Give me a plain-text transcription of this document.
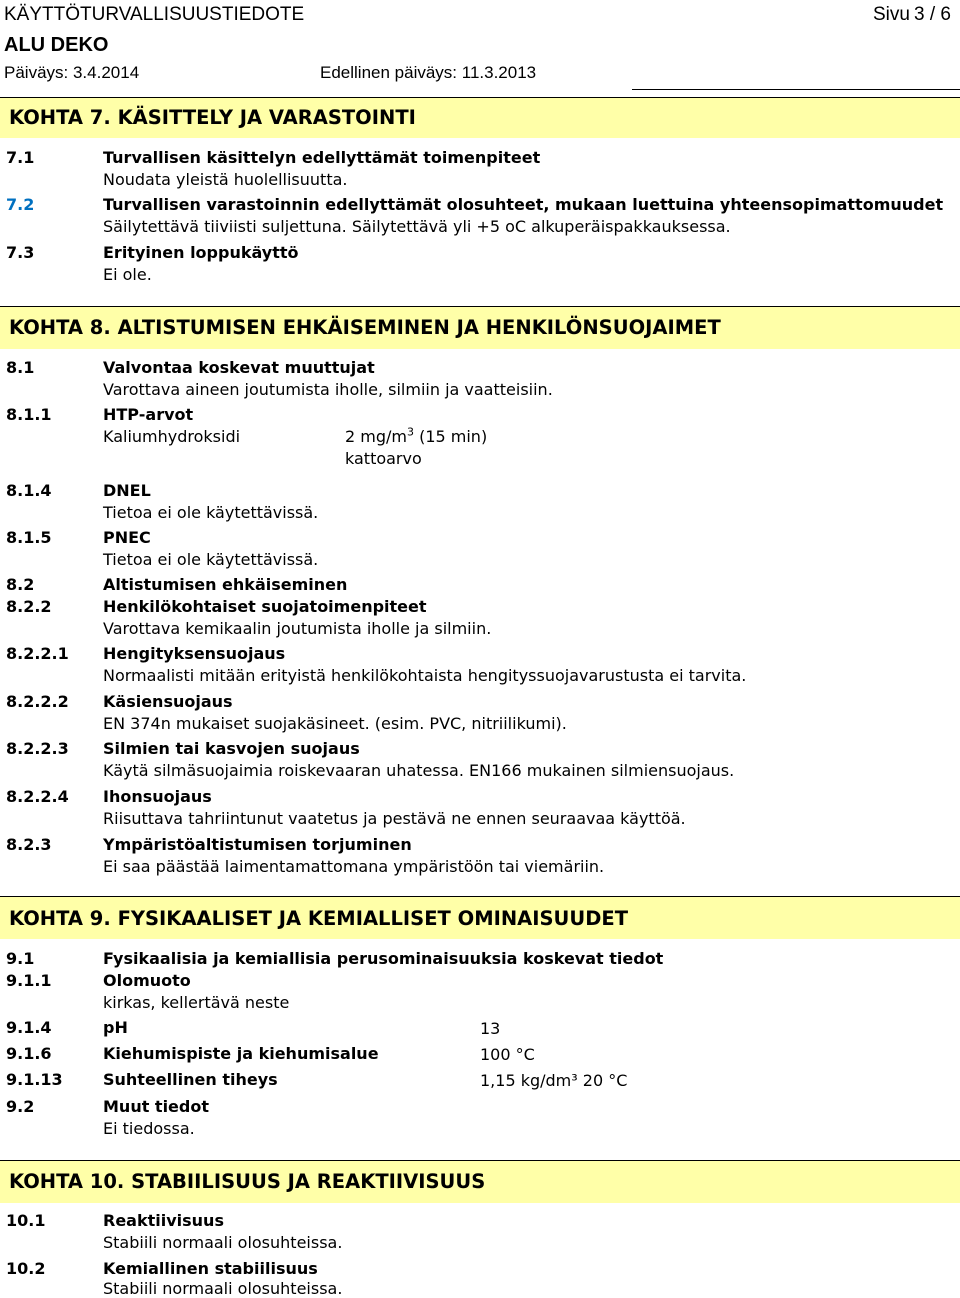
KÄYTTÖTURVALLISUUSTIEDOTE	Sivu 3 / 6
ALU DEKO
Päiväys: 3.4.2014	Edellinen päiväys: 11.3.2013
KOHTA 7. KÄSITTELY JA VARASTOINTI
7.1	Turvallisen käsittelyn edellyttämät toimenpiteet
Noudata yleistä huolellisuutta.
7.2	Turvallisen varastoinnin edellyttämät olosuhteet, mukaan luettuina yhteensopimattomuudet
Säilytettävä tiiviisti suljettuna. Säilytettävä yli +5 oC alkuperäispakkauksessa.
7.3	Erityinen loppukäyttö
Ei ole.
KOHTA 8. ALTISTUMISEN EHKÄISEMINEN JA HENKILÖNSUOJAIMET
8.1	Valvontaa koskevat muuttujat
Varottava aineen joutumista iholle, silmiin ja vaatteisiin.
8.1.1	HTP-arvot
Kaliumhydroksidi	2 $mg/m^3$ (15 min)
kattoarvo
8.1.4	DNEL
Tietoa ei ole käytettävissä.
8.1.5	PNEC
Tietoa ei ole käytettävissä.
8.2	Altistumisen ehkäiseminen
8.2.2	Henkilökohtaiset suojatoimenpiteet
Varottava kemikaalin joutumista iholle ja silmiin.
8.2.2.1 Hengityksensuojaus
Normaalisti mitään erityistä henkilökohtaista hengityssuojavarustusta ei tarvita.
8.2.2.2 Käsiensuojaus
EN 374n mukaiset suojakäsineet. (esim. PVC, nitriilikumi).
8.2.2.3 Silmien tai kasvojen suojaus
Käytä silmäsuojaimia roiskevaaran uhatessa. EN166 mukainen silmiensuojaus.
8.2.2.4 Ihonsuojaus
Riisuttava tahriintunut vaatetus ja pestävä ne ennen seuraavaa käyttöä.
8.2.3	Ympäristöaltistumisen torjuminen
Ei saa päästää laimentamattomana ympäristöön tai viemäriin.
KOHTA 9. FYSIKAALISET JA KEMIALLISET OMINAISUUDET
9.1	Fysikaalisia ja kemiallisia perusominaisuuksia koskevat tiedot
9.1.1	Olomuoto
kirkas, kellertävä neste
9.1.4	pH	13
9.1.6	Kiehumispiste ja kiehumisalue	100 °C
9.1.13	Suhteellinen tiheys	1,15 kg/dm³ 20 °C
9.2	Muut tiedot
Ei tiedossa.
KOHTA 10. STABIILISUUS JA REAKTIIVISUUS
10.1	Reaktiivisuus
Stabiili normaali olosuhteissa.
10.2	Kemiallinen stabiilisuus
Stabiili normaali olosuhteissa.
